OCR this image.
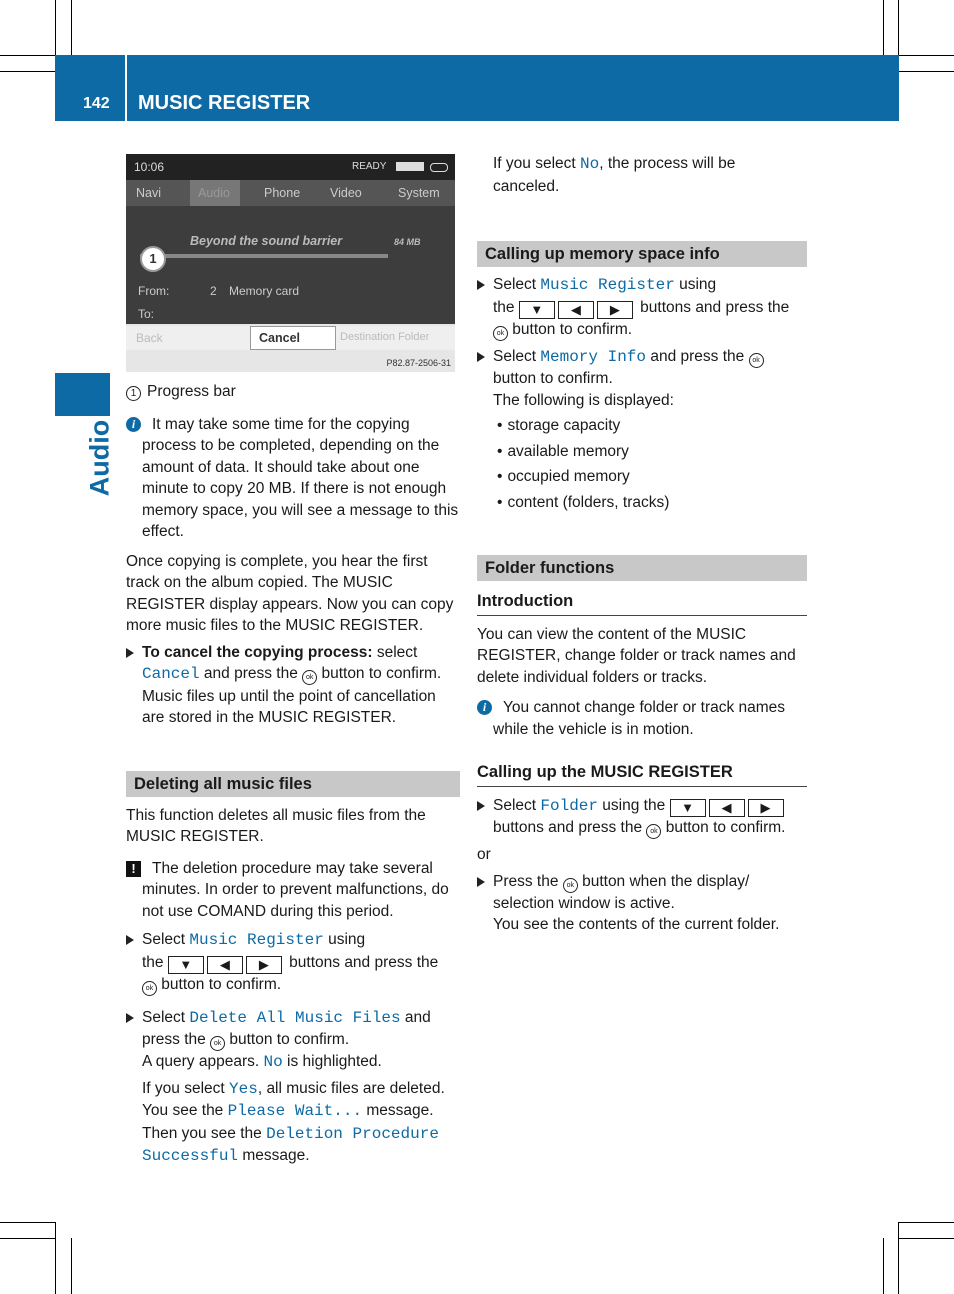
142 MUSIC REGISTER
Audio
10:06	READY
Navi	Audio	Phone Video	System
Beyond the sound barrier	84 MB
1
From:	2 Memory card
To:
Back	Cancel	Destination Folder
P82.87-2506-31

1 Progress bar

i	It may take some time for the copying process to be completed, depending on the amount of data. It should take about one minute to copy 20 MB. If there is not enough memory space, you will see a message to this effect.

Once copying is complete, you hear the first track on the album copied. The MUSIC REGISTER display appears. Now you can copy more music files to the MUSIC REGISTER.

To cancel the copying process: select
Cancel and press the ok button to confirm.

Music files up until the point of cancellation are stored in the MUSIC REGISTER.

Deleting all music files

This function deletes all music files from the MUSIC REGISTER.

!	The deletion procedure may take several minutes. In order to prevent malfunctions, do not use COMAND during this period.

Select Music Register using
the ▼ ◀ ▶ buttons and press the
ok button to confirm.

Select Delete All Music Files and
press the ok button to confirm.
A query appears. No is highlighted.

If you select Yes, all music files are deleted.
You see the Please Wait... message.
Then you see the Deletion Procedure
Successful message.

If you select No, the process will be
canceled.

Calling up memory space info

Select Music Register using
the ▼ ◀ ▶ buttons and press the
ok button to confirm.

Select Memory Info and press the ok
button to confirm.
The following is displayed:

• storage capacity
• available memory
• occupied memory
• content (folders, tracks)
Folder functions
Introduction

You can view the content of the MUSIC REGISTER, change folder or track names and delete individual folders or tracks.

i	You cannot change folder or track names while the vehicle is in motion.

Calling up the MUSIC REGISTER

Select Folder using the ▼ ◀ ▶
buttons and press the ok button to confirm.

or

Press the ok button when the display/
selection window is active.
You see the contents of the current folder.
